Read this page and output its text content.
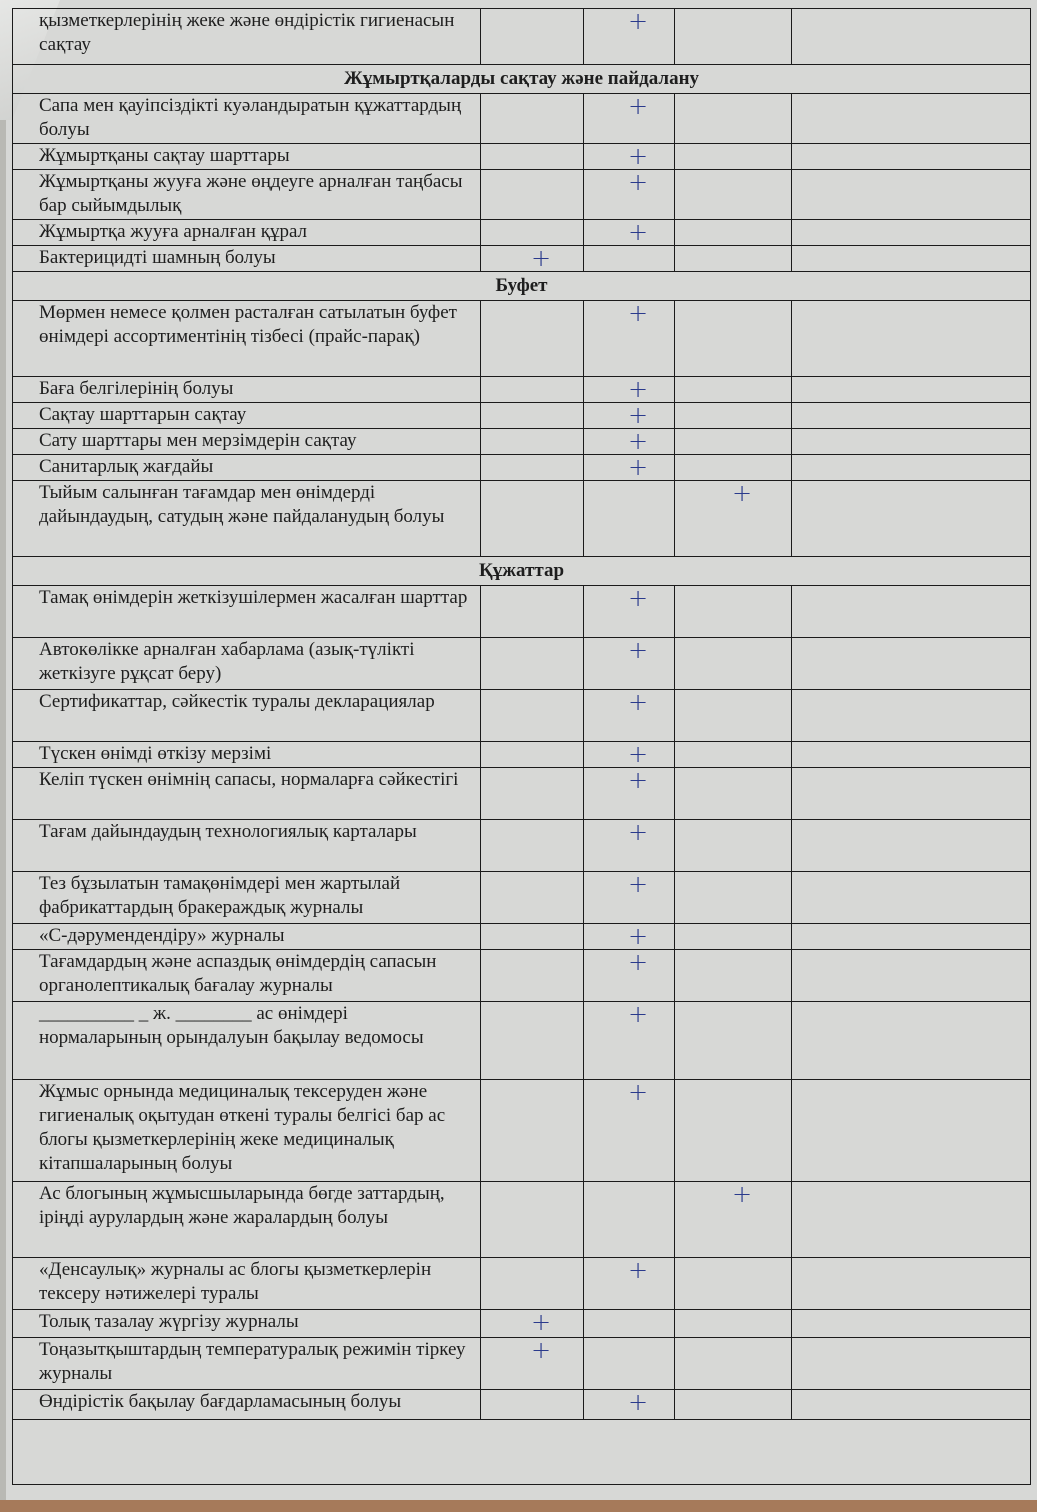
қызметкерлерінің жеке және өндірістік гигиенасын сақтау		+		
Жұмыртқаларды сақтау және пайдалану				
Сапа мен қауіпсіздікті куәландыратын құжаттардың болуы		+		
Жұмыртқаны сақтау шарттары		+		
Жұмыртқаны жууға және өңдеуге арналған таңбасы бар сыйымдылық		+		
Жұмыртқа жууға арналған құрал		+		
Бактерицидті шамның болуы	+			
Буфет				
Мөрмен немесе қолмен расталған сатылатын буфет өнімдері ассортиментінің тізбесі (прайс-парақ)		+		
Баға белгілерінің болуы		+		
Сақтау шарттарын сақтау		+		
Сату шарттары мен мерзімдерін сақтау		+		
Санитарлық жағдайы		+		
Тыйым салынған тағамдар мен өнімдерді дайындаудың, сатудың және пайдаланудың болуы			+	
Құжаттар				
Тамақ өнімдерін жеткізушілермен жасалған шарттар		+		
Автокөлікке арналған хабарлама (азық-түлікті жеткізуге рұқсат беру)		+		
Сертификаттар, сәйкестік туралы декларациялар		+		
Түскен өнімді өткізу мерзімі		+		
Келіп түскен өнімнің сапасы, нормаларға сәйкестігі		+		
Тағам дайындаудың технологиялық карталары		+		
Тез бұзылатын тамақөнімдері мен жартылай фабрикаттардың бракераждық журналы		+		
«С-дәрумендендіру» журналы		+		
Тағамдардың және аспаздық өнімдердің сапасын органолептикалық бағалау журналы		+		
__________ _ ж. ________ ас өнімдері нормаларының орындалуын бақылау ведомосы		+		
Жұмыс орнында медициналық тексеруден және гигиеналық оқытудан өткені туралы белгісі бар ас блогы қызметкерлерінің жеке медициналық кітапшаларының болуы		+		
Ас блогының жұмысшыларында бөгде заттардың, іріңді аурулардың және жаралардың болуы			+	
«Денсаулық» журналы ас блогы қызметкерлерін тексеру нәтижелері туралы		+		
Толық тазалау жүргізу журналы	+			
Тоңазытқыштардың температуралық режимін тіркеу журналы	+			
Өндірістік бақылау бағдарламасының болуы		+		
